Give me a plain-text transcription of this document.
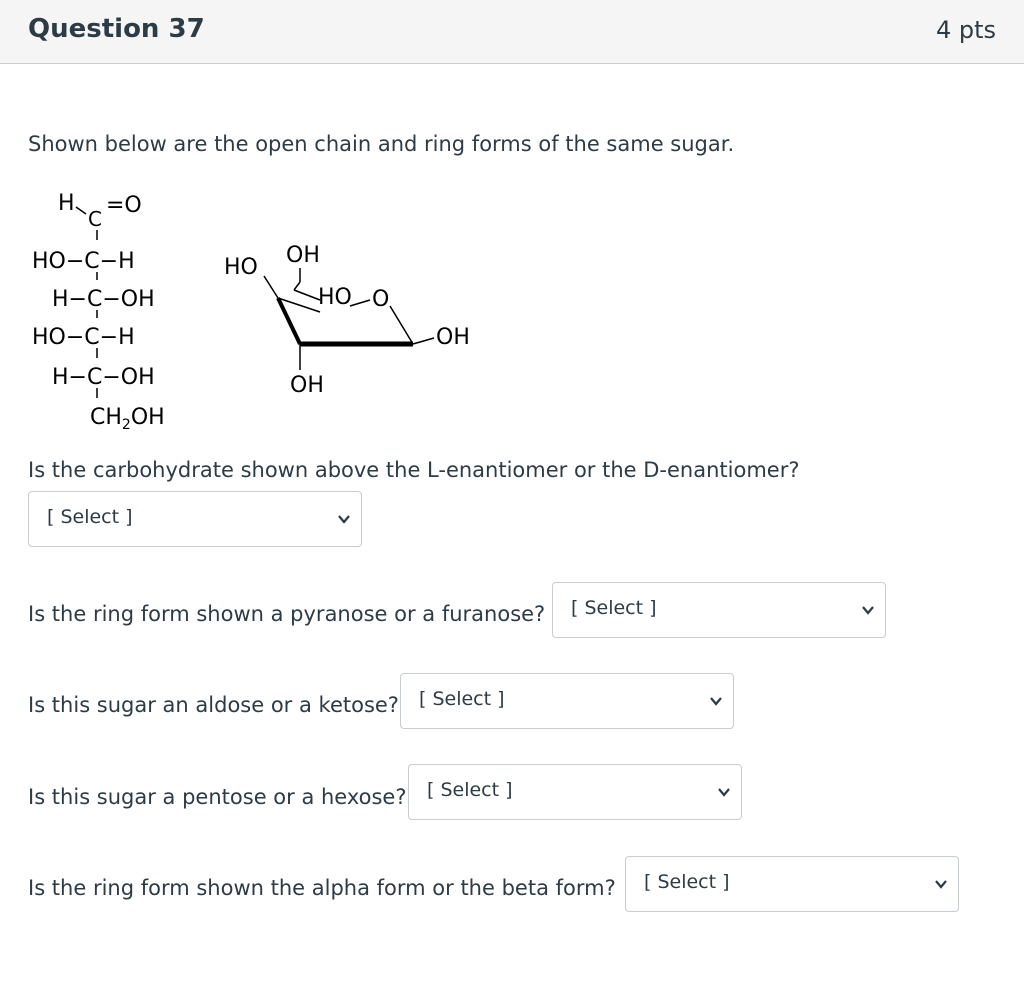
Question 37	4 pts
Shown below are the open chain and ring forms of the same sugar.
H
C
=O
HO−C−H
H−C−OH
HO−C−H
H−C−OH
$CH_2OH$
HO OH
HO O
OH
OH
Is the carbohydrate shown above the L-enantiomer or the D-enantiomer?
[ Select ]
Is the ring form shown a pyranose or a furanose? [ Select ]
Is this sugar an aldose or a ketose? [ Select ]
Is this sugar a pentose or a hexose? [ Select ]
Is the ring form shown the alpha form or the beta form? [ Select ]
